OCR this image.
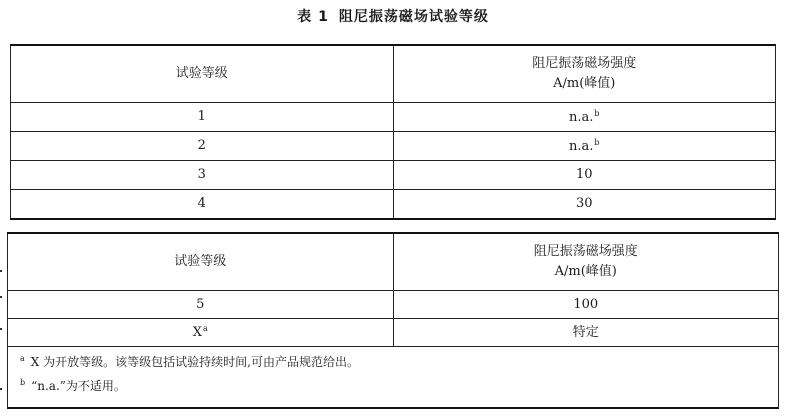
表 1 阻尼振荡磁场试验等级
试验等级	阻尼振荡磁场强度
A/m(峰值)

1	n.a.$^b$
2	n.a.$^b$
3	10
4	30
试验等级	阻尼振荡磁场强度
A/m(峰值)

5	100
$X^a$	特定
$^a$ X 为开放等级。该等级包括试验持续时间,可由产品规范给出。
$^b$ “n.a.”为不适用。
